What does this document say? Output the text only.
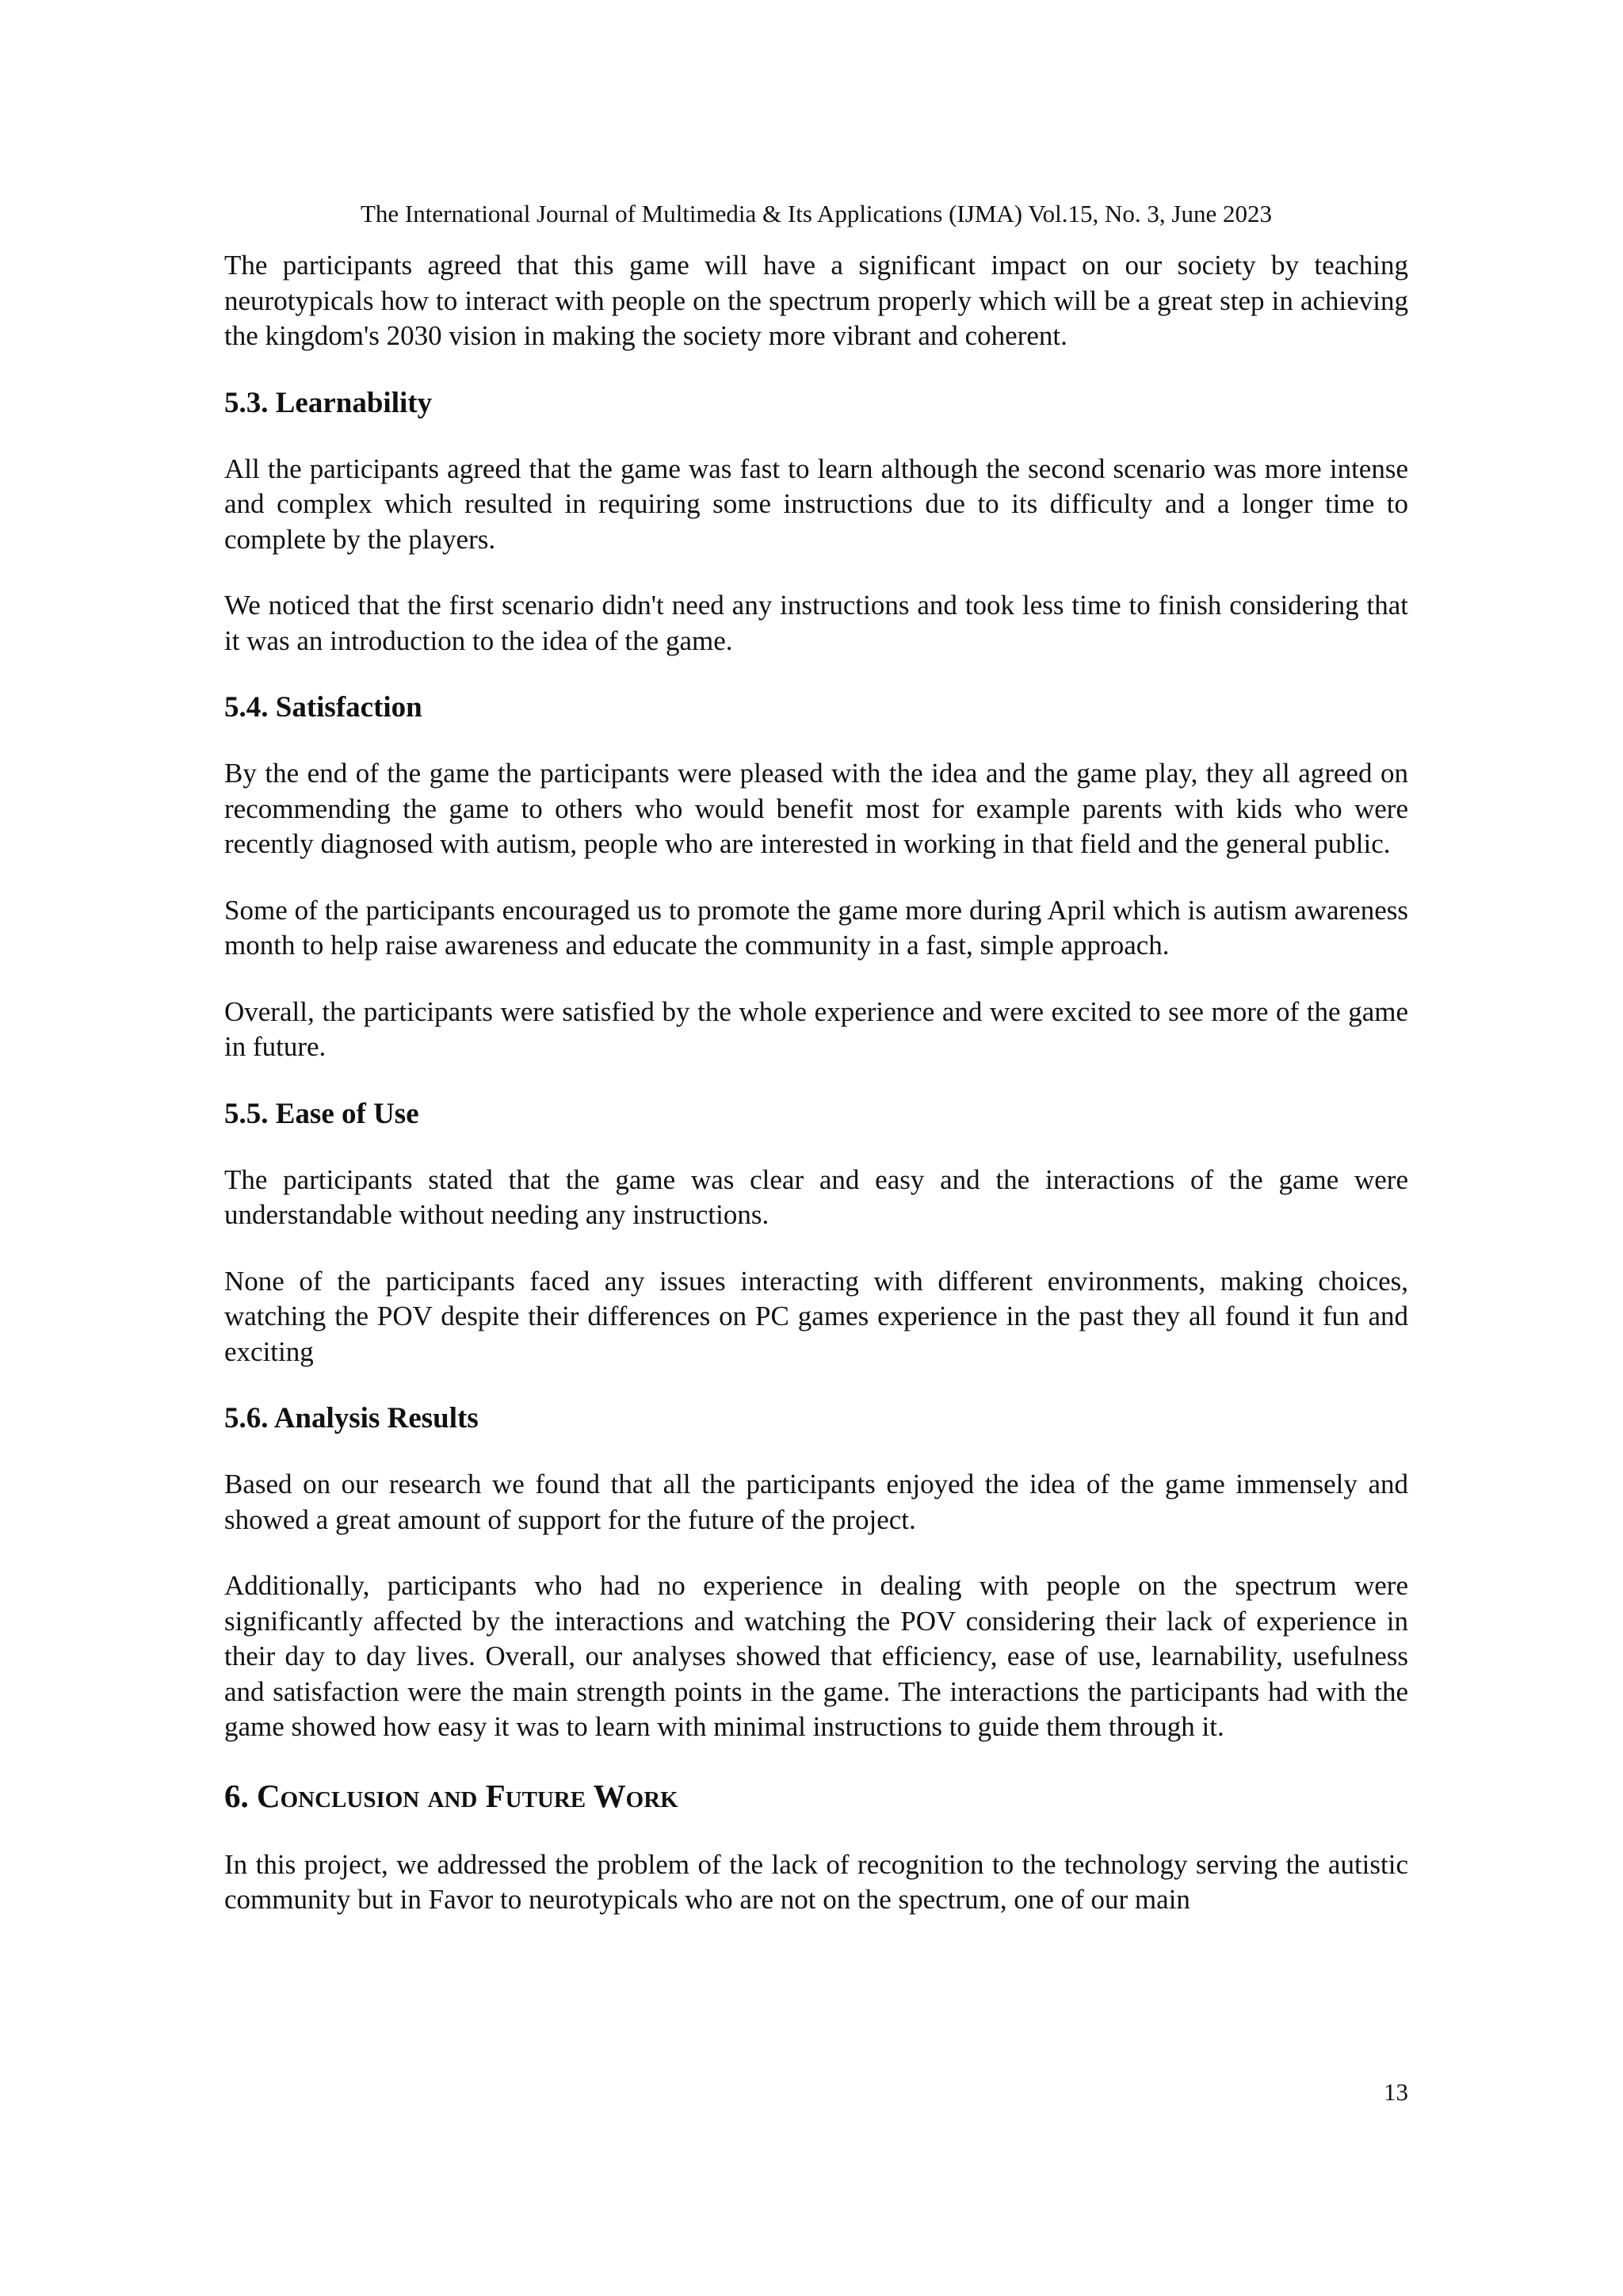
The International Journal of Multimedia & Its Applications (IJMA) Vol.15, No. 3, June 2023

The participants agreed that this game will have a significant impact on our society by teaching neurotypicals how to interact with people on the spectrum properly which will be a great step in achieving the kingdom's 2030 vision in making the society more vibrant and coherent.

5.3. Learnability

All the participants agreed that the game was fast to learn although the second scenario was more intense and complex which resulted in requiring some instructions due to its difficulty and a longer time to complete by the players.

We noticed that the first scenario didn't need any instructions and took less time to finish considering that it was an introduction to the idea of the game.

5.4. Satisfaction

By the end of the game the participants were pleased with the idea and the game play, they all agreed on recommending the game to others who would benefit most for example parents with kids who were recently diagnosed with autism, people who are interested in working in that field and the general public.

Some of the participants encouraged us to promote the game more during April which is autism awareness month to help raise awareness and educate the community in a fast, simple approach.

Overall, the participants were satisfied by the whole experience and were excited to see more of the game in future.

5.5. Ease of Use

The participants stated that the game was clear and easy and the interactions of the game were understandable without needing any instructions.

None of the participants faced any issues interacting with different environments, making choices, watching the POV despite their differences on PC games experience in the past they all found it fun and exciting

5.6. Analysis Results

Based on our research we found that all the participants enjoyed the idea of the game immensely and showed a great amount of support for the future of the project.

Additionally, participants who had no experience in dealing with people on the spectrum were significantly affected by the interactions and watching the POV considering their lack of experience in their day to day lives. Overall, our analyses showed that efficiency, ease of use, learnability, usefulness and satisfaction were the main strength points in the game. The interactions the participants had with the game showed how easy it was to learn with minimal instructions to guide them through it.

6. Conclusion and Future Work

In this project, we addressed the problem of the lack of recognition to the technology serving the autistic community but in Favor to neurotypicals who are not on the spectrum, one of our main

13
